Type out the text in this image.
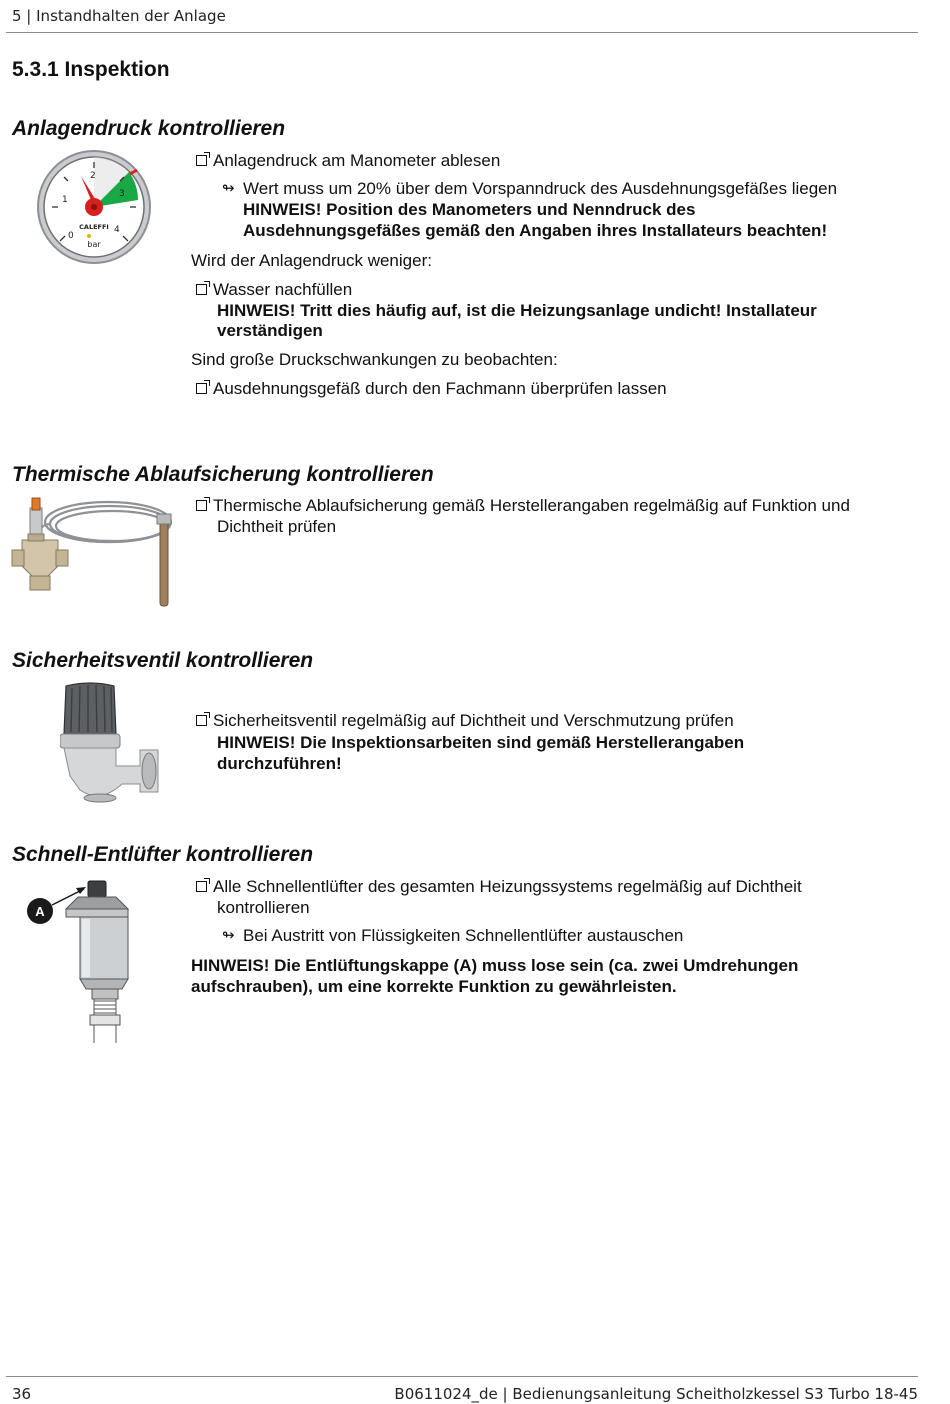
5 | Instandhalten der Anlage
5.3.1 Inspektion
Anlagendruck kontrollieren
0
1
2
3
4
CALEFFI
bar
Anlagendruck am Manometer ablesen
↬ Wert muss um 20% über dem Vorspanndruck des Ausdehnungsgefäßes liegen
HINWEIS! Position des Manometers und Nenndruck des
Ausdehnungsgefäßes gemäß den Angaben ihres Installateurs beachten!
Wird der Anlagendruck weniger:
Wasser nachfüllen
HINWEIS! Tritt dies häufig auf, ist die Heizungsanlage undicht! Installateur
verständigen
Sind große Druckschwankungen zu beobachten:
Ausdehnungsgefäß durch den Fachmann überprüfen lassen
Thermische Ablaufsicherung kontrollieren
Thermische Ablaufsicherung gemäß Herstellerangaben regelmäßig auf Funktion und
Dichtheit prüfen
Sicherheitsventil kontrollieren
Sicherheitsventil regelmäßig auf Dichtheit und Verschmutzung prüfen
HINWEIS! Die Inspektionsarbeiten sind gemäß Herstellerangaben
durchzuführen!
Schnell-Entlüfter kontrollieren
A
Alle Schnellentlüfter des gesamten Heizungssystems regelmäßig auf Dichtheit
kontrollieren
↬ Bei Austritt von Flüssigkeiten Schnellentlüfter austauschen
HINWEIS! Die Entlüftungskappe (A) muss lose sein (ca. zwei Umdrehungen
aufschrauben), um eine korrekte Funktion zu gewährleisten.
36	B0611024_de | Bedienungsanleitung Scheitholzkessel S3 Turbo 18-45
